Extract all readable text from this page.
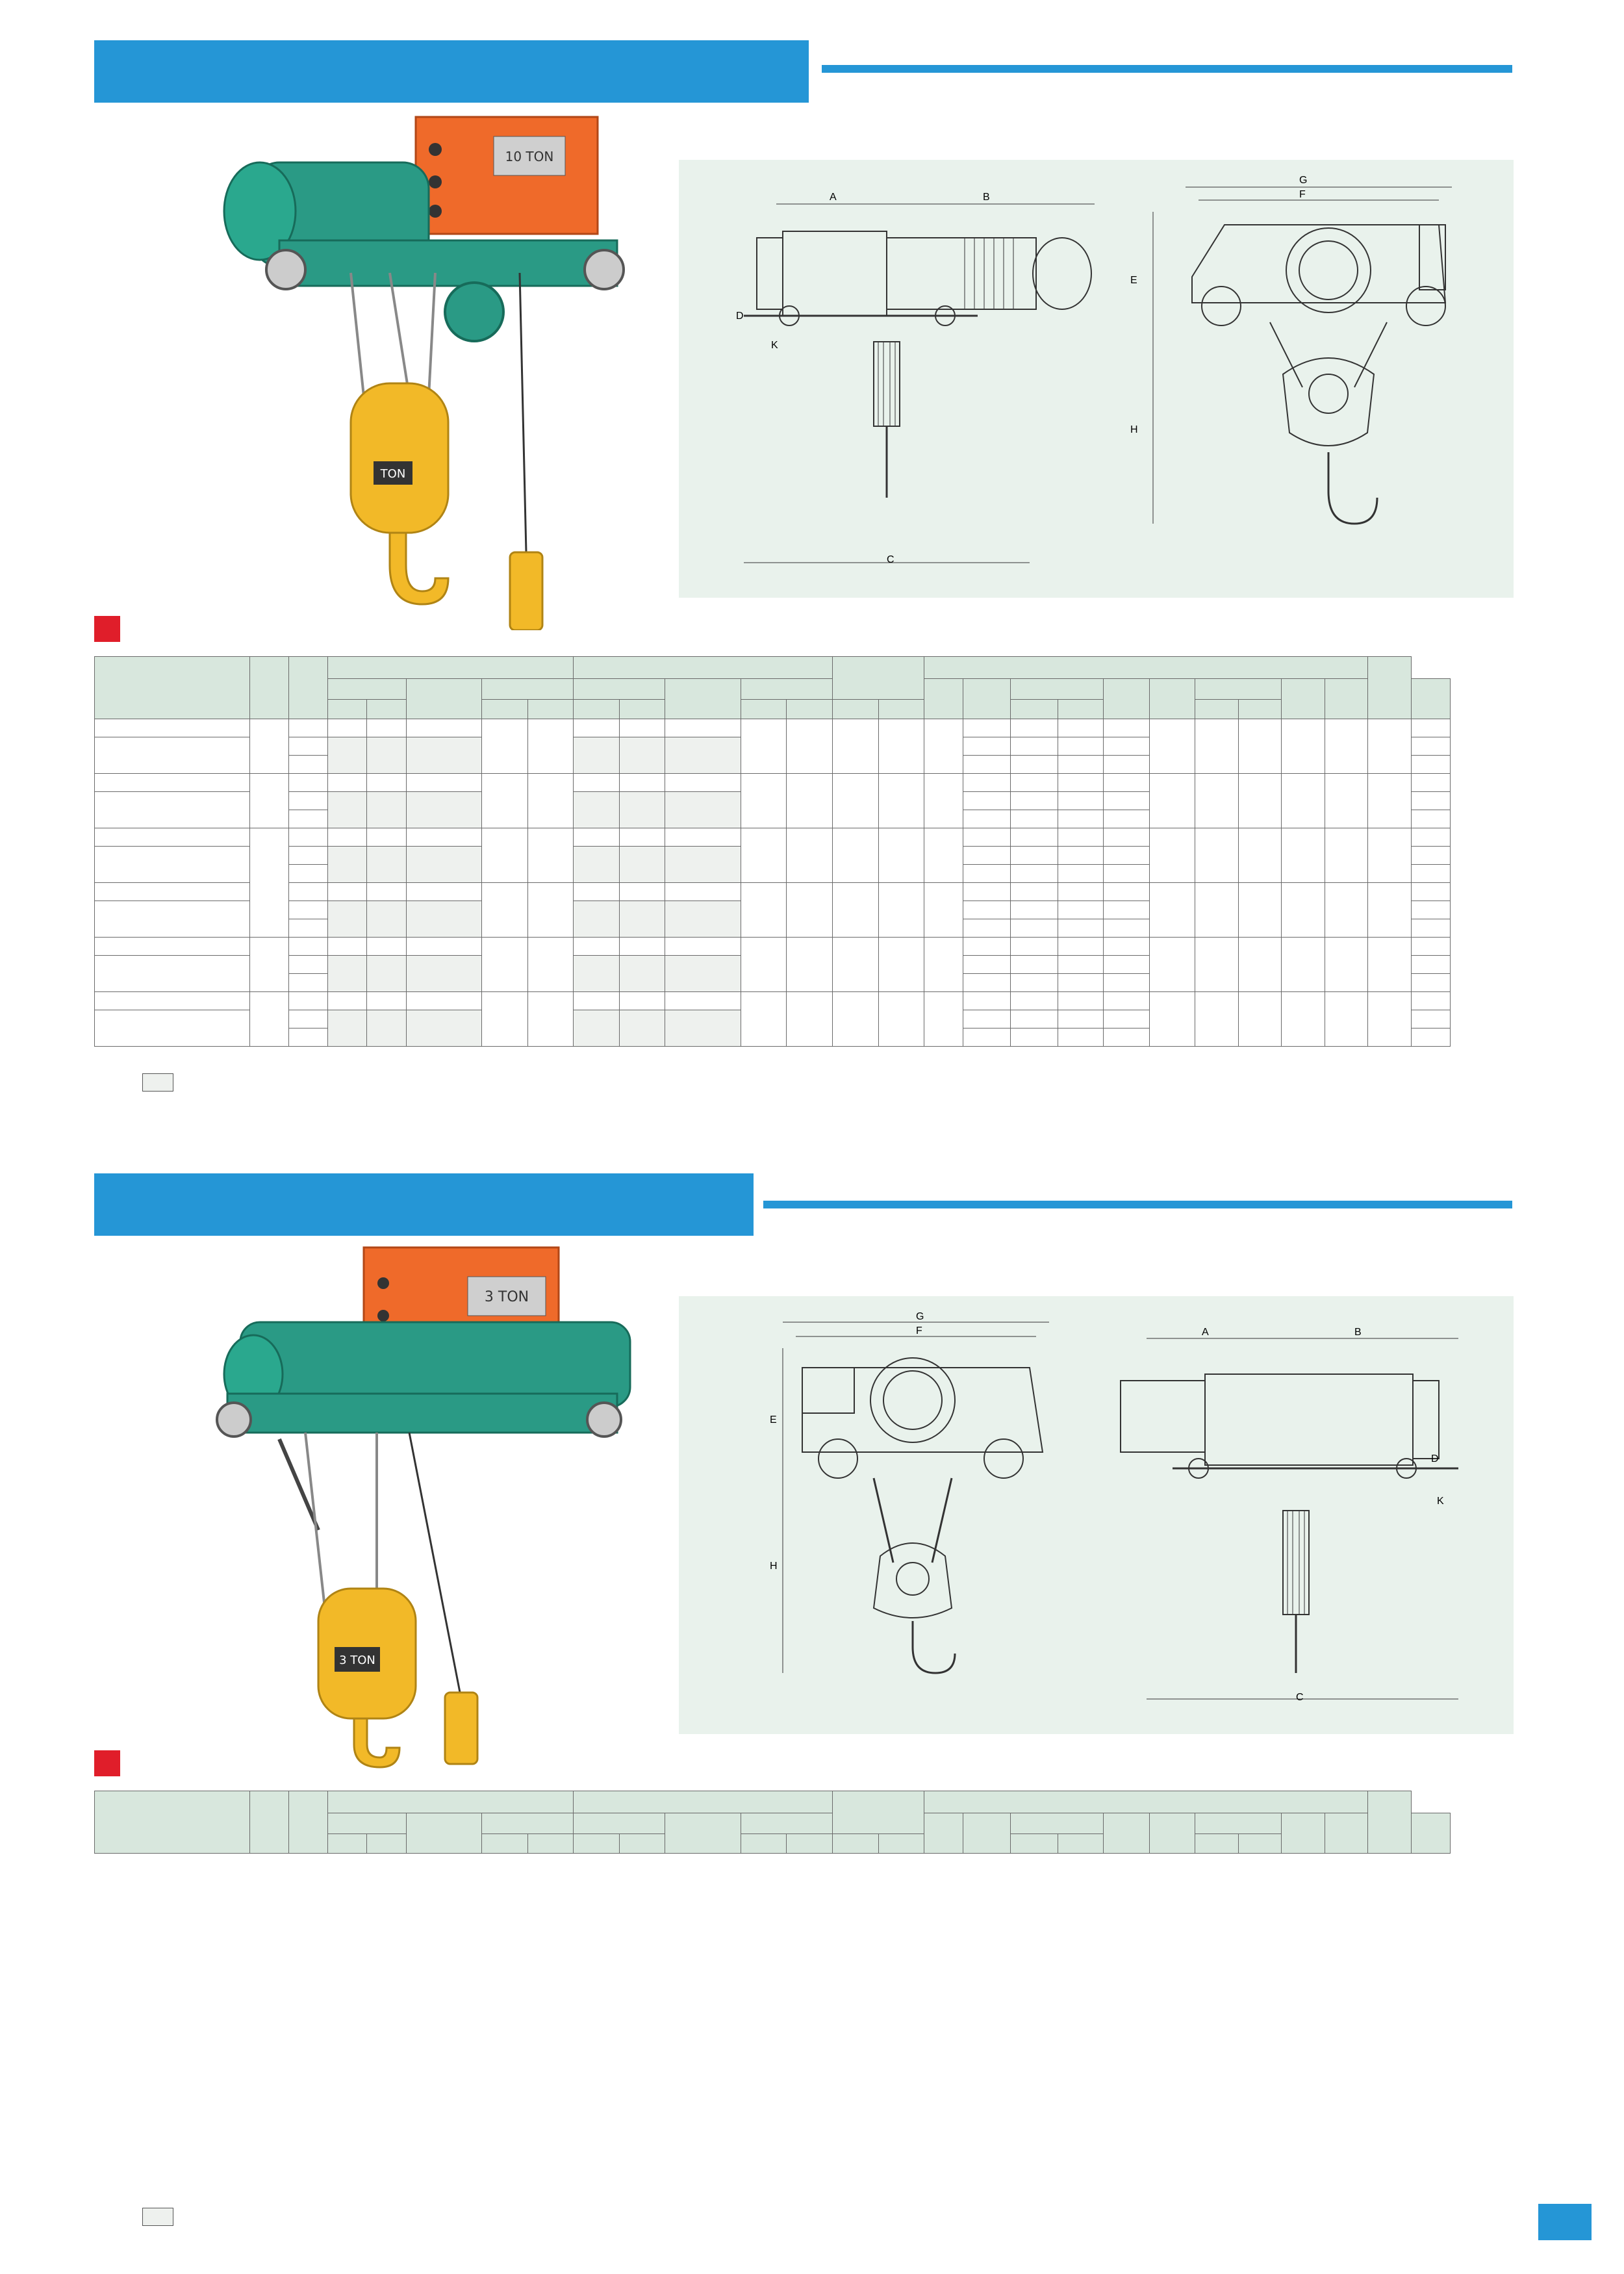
10 TON
TON
A	B
D
K
C
G
F
E
H

3 TON
3 TON
G
F
E
H
A	B
D
K
C
